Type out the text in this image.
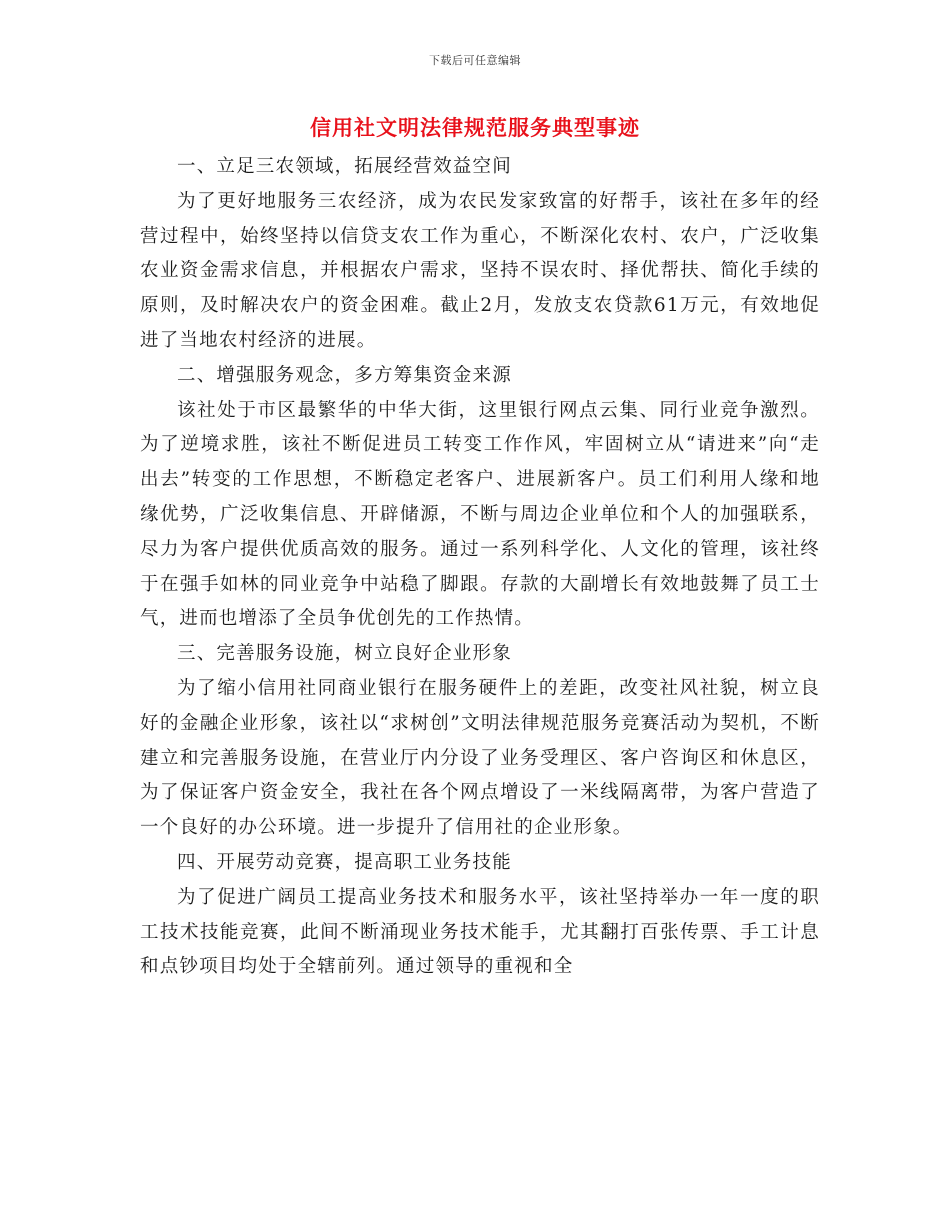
下载后可任意编辑
信用社文明法律规范服务典型事迹

一、立足三农领域，拓展经营效益空间

为了更好地服务三农经济，成为农民发家致富的好帮手，该社在多年的经营过程中，始终坚持以信贷支农工作为重心，不断深化农村、农户，广泛收集农业资金需求信息，并根据农户需求，坚持不误农时、择优帮扶、简化手续的原则，及时解决农户的资金困难。截止2月，发放支农贷款61万元，有效地促进了当地农村经济的进展。

二、增强服务观念，多方筹集资金来源

该社处于市区最繁华的中华大街，这里银行网点云集、同行业竞争激烈。为了逆境求胜，该社不断促进员工转变工作作风，牢固树立从“请进来”向“走出去”转变的工作思想，不断稳定老客户、进展新客户。员工们利用人缘和地缘优势，广泛收集信息、开辟储源，不断与周边企业单位和个人的加强联系，尽力为客户提供优质高效的服务。通过一系列科学化、人文化的管理，该社终于在强手如林的同业竞争中站稳了脚跟。存款的大副增长有效地鼓舞了员工士气，进而也增添了全员争优创先的工作热情。

三、完善服务设施，树立良好企业形象

为了缩小信用社同商业银行在服务硬件上的差距，改变社风社貌，树立良好的金融企业形象，该社以“求树创”文明法律规范服务竞赛活动为契机，不断建立和完善服务设施，在营业厅内分设了业务受理区、客户咨询区和休息区，为了保证客户资金安全，我社在各个网点增设了一米线隔离带，为客户营造了一个良好的办公环境。进一步提升了信用社的企业形象。

四、开展劳动竞赛，提高职工业务技能

为了促进广阔员工提高业务技术和服务水平，该社坚持举办一年一度的职工技术技能竞赛，此间不断涌现业务技术能手，尤其翻打百张传票、手工计息和点钞项目均处于全辖前列。通过领导的重视和全
